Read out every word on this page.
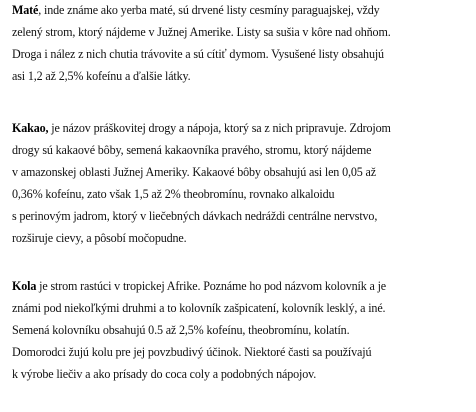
Maté, inde známe ako yerba maté, sú drvené listy cesmíny paraguajskej, vždy
zelený strom, ktorý nájdeme v Južnej Amerike. Listy sa sušia v kôre nad ohňom.
Droga i nález z nich chutia trávovite a sú cítiť dymom. Vysušené listy obsahujú
asi 1,2 až 2,5% kofeínu a ďalšie látky.
Kakao, je názov práškovitej drogy a nápoja, ktorý sa z nich pripravuje. Zdrojom
drogy sú kakaové bôby, semená kakaovníka pravého, stromu, ktorý nájdeme
v amazonskej oblasti Južnej Ameriky. Kakaové bôby obsahujú asi len 0,05 až
0,36% kofeínu, zato však 1,5 až 2% theobromínu, rovnako alkaloidu
s perinovým jadrom, ktorý v liečebných dávkach nedráždi centrálne nervstvo,
rozširuje cievy, a pôsobí močopudne.
Kola je strom rastúci v tropickej Afrike. Poznáme ho pod názvom kolovník a je
známi pod niekoľkými druhmi a to kolovník zašpicatení, kolovník lesklý, a iné.
Semená kolovníku obsahujú 0.5 až 2,5% kofeínu, theobromínu, kolatín.
Domorodci žujú kolu pre jej povzbudivý účinok. Niektoré časti sa používajú
k výrobe liečiv a ako prísady do coca coly a podobných nápojov.
